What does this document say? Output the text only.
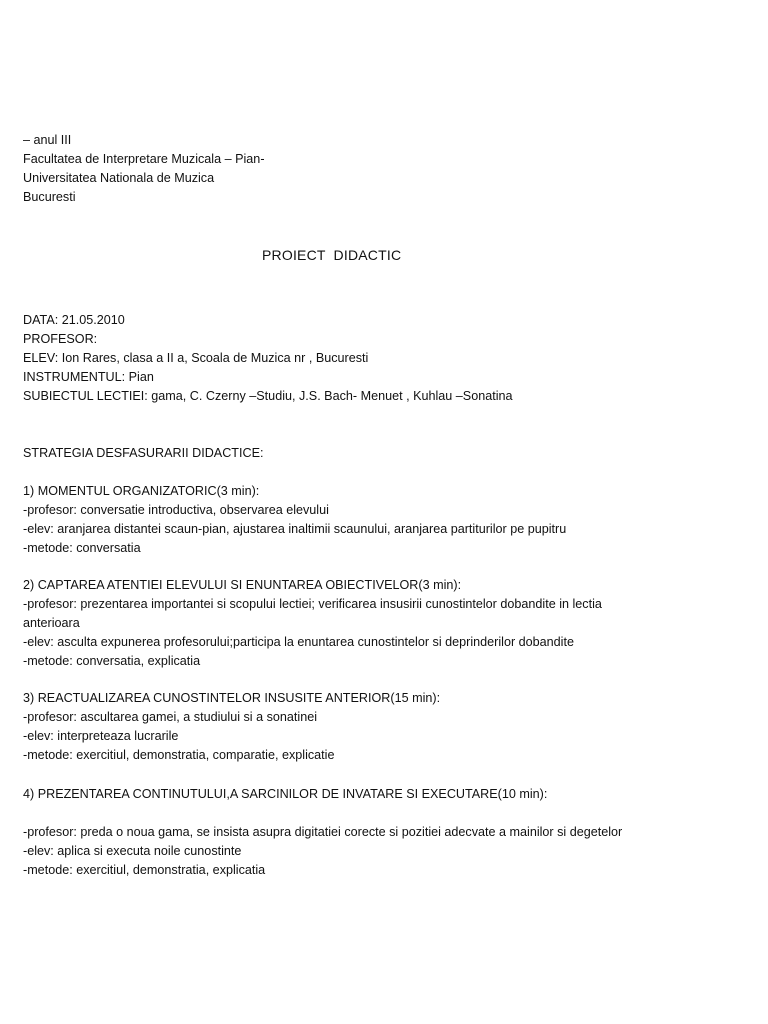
– anul III
Facultatea de Interpretare Muzicala – Pian-
Universitatea Nationala de Muzica
Bucuresti
PROIECT  DIDACTIC
DATA: 21.05.2010
PROFESOR:
ELEV: Ion Rares, clasa a II a, Scoala de Muzica nr , Bucuresti
INSTRUMENTUL: Pian
SUBIECTUL LECTIEI: gama, C. Czerny –Studiu, J.S. Bach- Menuet , Kuhlau –Sonatina
STRATEGIA DESFASURARII DIDACTICE:
1) MOMENTUL ORGANIZATORIC(3 min):
-profesor: conversatie introductiva, observarea elevului
-elev: aranjarea distantei scaun-pian, ajustarea inaltimii scaunului, aranjarea partiturilor pe pupitru
-metode: conversatia
2) CAPTAREA ATENTIEI ELEVULUI SI ENUNTAREA OBIECTIVELOR(3 min):
-profesor: prezentarea importantei si scopului lectiei; verificarea insusirii cunostintelor dobandite in lectia
anterioara
-elev: asculta expunerea profesorului;participa la enuntarea cunostintelor si deprinderilor dobandite
-metode: conversatia, explicatia
3) REACTUALIZAREA CUNOSTINTELOR INSUSITE ANTERIOR(15 min):
-profesor: ascultarea gamei, a studiului si a sonatinei
-elev: interpreteaza lucrarile
-metode: exercitiul, demonstratia, comparatie, explicatie
4) PREZENTAREA CONTINUTULUI,A SARCINILOR DE INVATARE SI EXECUTARE(10 min):
-profesor: preda o noua gama, se insista asupra digitatiei corecte si pozitiei adecvate a mainilor si degetelor
-elev: aplica si executa noile cunostinte
-metode: exercitiul, demonstratia, explicatia
